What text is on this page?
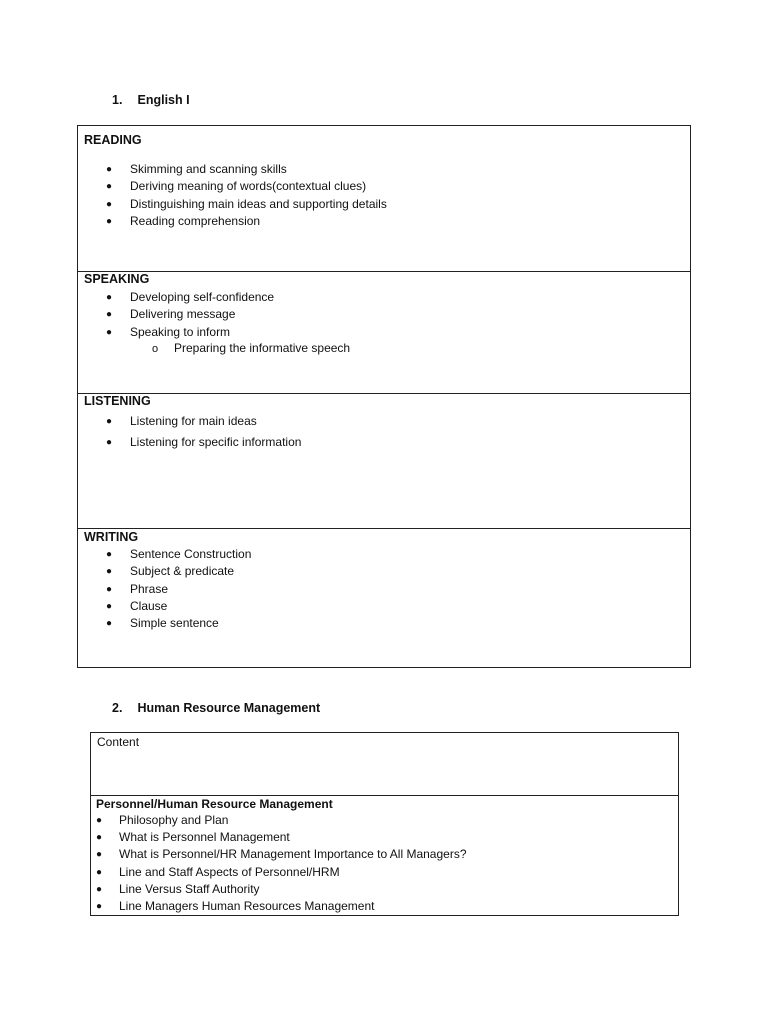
1. English I
READING
● Skimming and scanning skills
● Deriving meaning of words(contextual clues)
● Distinguishing main ideas and supporting details
● Reading comprehension
SPEAKING
● Developing self-confidence
● Delivering message
● Speaking to inform
o Preparing the informative speech
LISTENING
● Listening for main ideas
● Listening for specific information
WRITING
● Sentence Construction
● Subject & predicate
● Phrase
● Clause
● Simple sentence
2. Human Resource Management
Content
Personnel/Human Resource Management
● Philosophy and Plan
● What is Personnel Management
● What is Personnel/HR Management Importance to All Managers?
● Line and Staff Aspects of Personnel/HRM
● Line Versus Staff Authority
● Line Managers Human Resources Management
